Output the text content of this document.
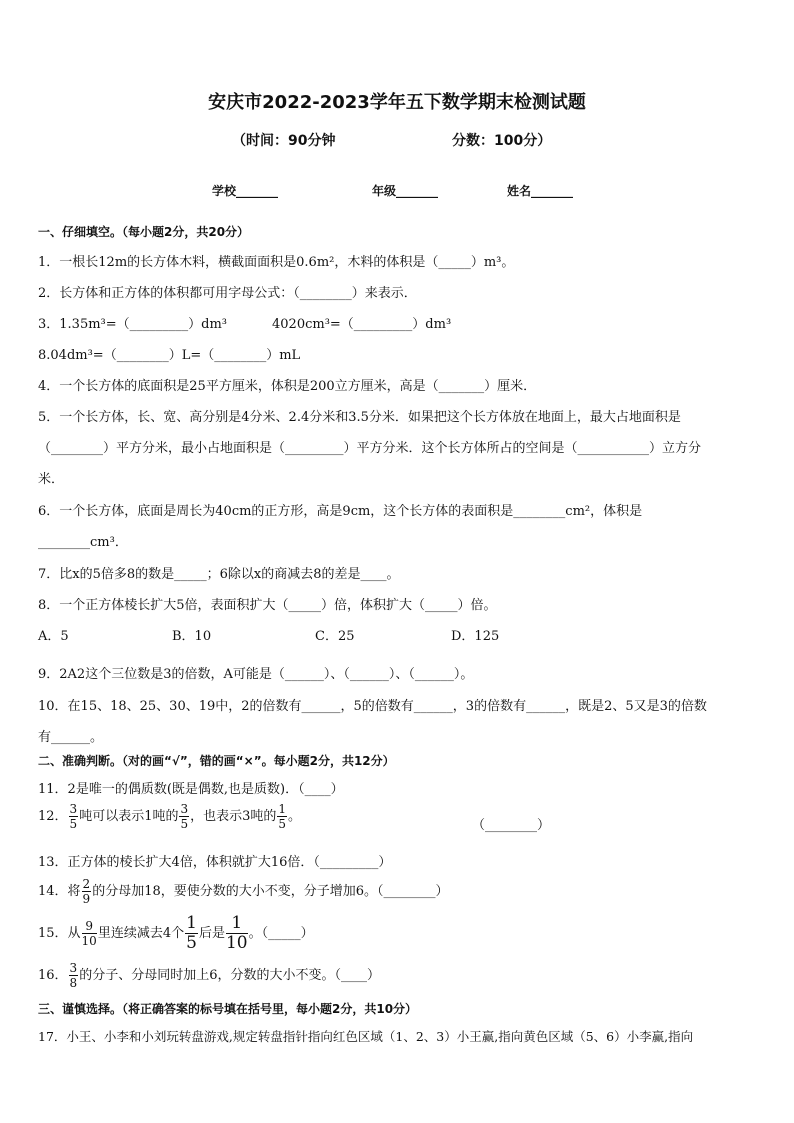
安庆市2022-2023学年五下数学期末检测试题
（时间：90分钟	分数：100分）
学校_______	年级_______	姓名_______
一、仔细填空。（每小题2分，共20分）
1．一根长12m的长方体木料，横截面面积是0.6m²，木料的体积是（_____）m³。
2．长方体和正方体的体积都可用字母公式：（________）来表示．
3．1.35m³=（_________）dm³	4020cm³=（_________）dm³
8.04dm³=（________）L=（________）mL
4．一个长方体的底面积是25平方厘米，体积是200立方厘米，高是（_______）厘米．
5．一个长方体，长、宽、高分别是4分米、2.4分米和3.5分米．如果把这个长方体放在地面上，最大占地面积是
（________）平方分米，最小占地面积是（_________）平方分米．这个长方体所占的空间是（___________）立方分
米．
6．一个长方体，底面是周长为40cm的正方形，高是9cm，这个长方体的表面积是________cm²，体积是
________cm³．
7．比x的5倍多8的数是_____；6除以x的商减去8的差是____。
8．一个正方体棱长扩大5倍，表面积扩大（_____）倍，体积扩大（_____）倍。
A．5	B．10	C．25	D．125
9．2A2这个三位数是3的倍数，A可能是（______）、（______）、（______）。
10．在15、18、25、30、19中，2的倍数有______，5的倍数有______，3的倍数有______，既是2、5又是3的倍数
有______。
二、准确判断。（对的画“√”，错的画“×”。每小题2分，共12分）
11．2是唯一的偶质数(既是偶数,也是质数)．（____）
12． $\frac{3}{5}$ 吨可以表示1吨的 $\frac{3}{5}$ ，也表示3吨的 $\frac{1}{5}$ 。
（________）
13．正方体的棱长扩大4倍，体积就扩大16倍．（_________）
14．将 $\frac{2}{9}$ 的分母加18，要使分数的大小不变，分子增加6。（________）
15．从 $\frac{9}{10}$ 里连续减去4个 $\frac{1}{5}$ 后是 $\frac{1}{10}$ 。（_____）
16． $\frac{3}{8}$ 的分子、分母同时加上6，分数的大小不变。（____）
三、谨慎选择。（将正确答案的标号填在括号里，每小题2分，共10分）
17．小王、小李和小刘玩转盘游戏,规定转盘指针指向红色区域（1、2、3）小王赢,指向黄色区域（5、6）小李赢,指向
